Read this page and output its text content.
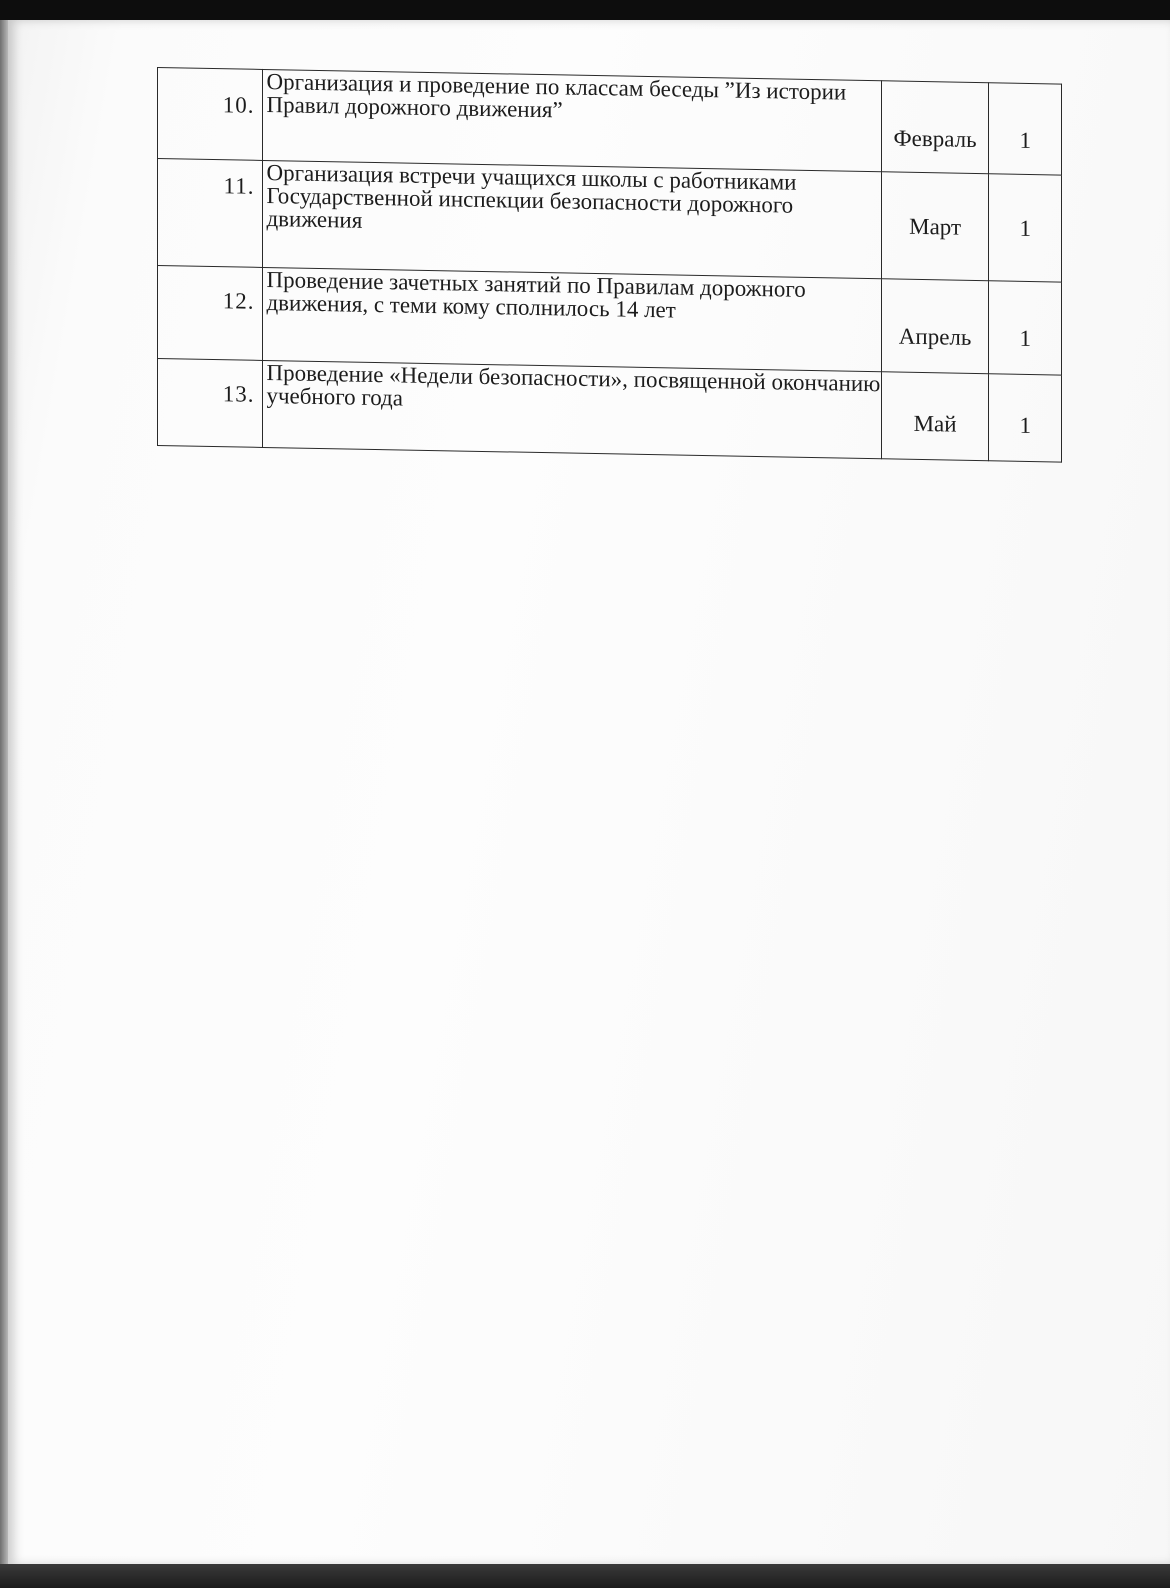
10.	Организация и проведение по классам беседы ”Из истории Правил дорожного движения”	Февраль	1
11.	Организация встречи учащихся школы с работниками Государственной инспекции безопасности дорожного движения	Март	1
12.	Проведение зачетных занятий по Правилам дорожного движения, с теми кому сполнилось 14 лет	Апрель	1
13.	Проведение «Недели безопасности», посвященной окончанию учебного года	Май	1
